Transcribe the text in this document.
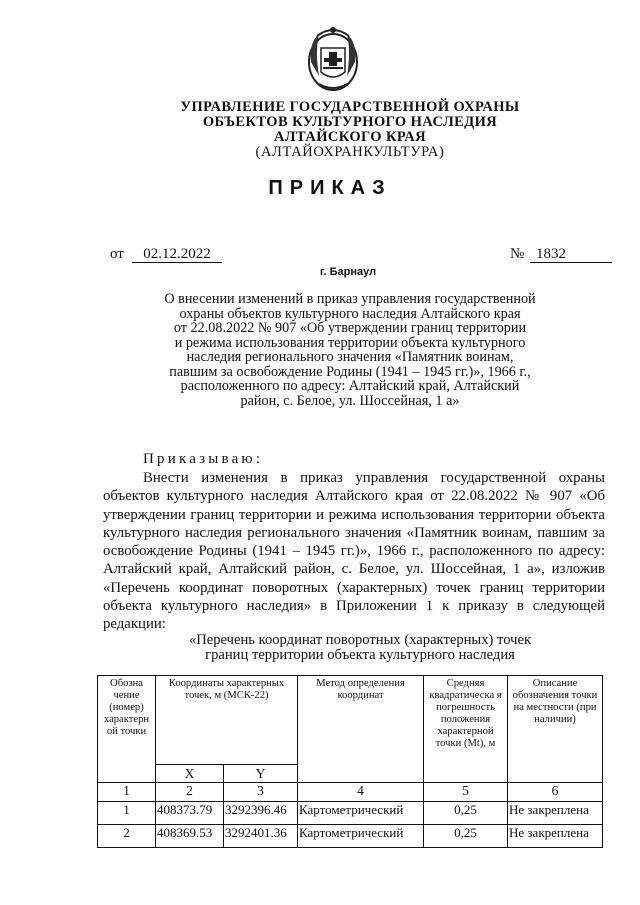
УПРАВЛЕНИЕ ГОСУДАРСТВЕННОЙ ОХРАНЫ
ОБЪЕКТОВ КУЛЬТУРНОГО НАСЛЕДИЯ
АЛТАЙСКОГО КРАЯ
(АЛТАЙОХРАНКУЛЬТУРА)
ПРИКАЗ
от	02.12.2022	№ 1832
г. Барнаул
О внесении изменений в приказ управления государственной
охраны объектов культурного наследия Алтайского края
от 22.08.2022 № 907 «Об утверждении границ территории
и режима использования территории объекта культурного
наследия регионального значения «Памятник воинам,
павшим за освобождение Родины (1941 – 1945 гг.)», 1966 г.,
расположенного по адресу: Алтайский край, Алтайский
район, с. Белое, ул. Шоссейная, 1 а»
Приказываю:
Внести изменения в приказ управления государственной охраны объектов культурного наследия Алтайского края от 22.08.2022 № 907 «Об утверждении границ территории и режима использования территории объекта культурного наследия регионального значения «Памятник воинам, павшим за освобождение Родины (1941 – 1945 гг.)», 1966 г., расположенного по адресу: Алтайский край, Алтайский район, с. Белое, ул. Шоссейная, 1 а», изложив «Перечень координат поворотных (характерных) точек границ территории объекта культурного наследия» в Приложении 1 к приказу в следующей редакции:
«Перечень координат поворотных (характерных) точек
границ территории объекта культурного наследия
Обозна чение (номер) характерн ой точки	Координаты характерных точек, м (МСК-22)		Метод определения координат	Средняя квадратическа я погрешность положения характерной точки (Mt), м	Описание обозначения точки на местности (при наличии)
	X	Y			
1	2	3	4	5	6
1	408373.79	3292396.46	Картометрический	0,25	Не закреплена
2	408369.53	3292401.36	Картометрический	0,25	Не закреплена
